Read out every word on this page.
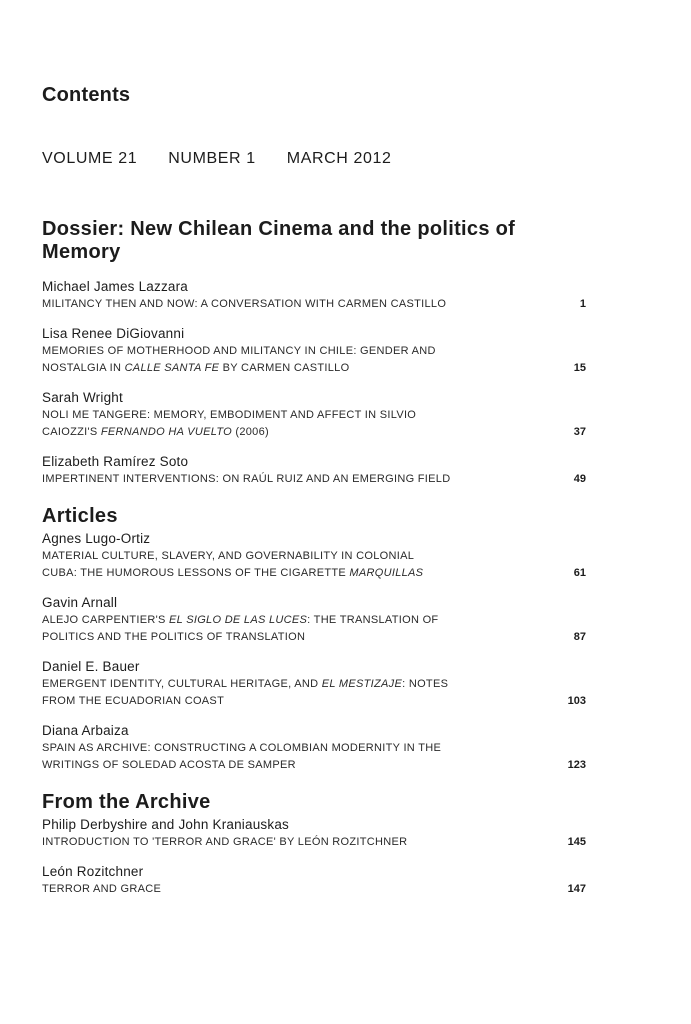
Contents
VOLUME 21 NUMBER 1 MARCH 2012
Dossier: New Chilean Cinema and the politics of Memory
Michael James Lazzara
MILITANCY THEN AND NOW: A CONVERSATION WITH CARMEN CASTILLO	1
Lisa Renee DiGiovanni
MEMORIES OF MOTHERHOOD AND MILITANCY IN CHILE: GENDER AND
NOSTALGIA IN CALLE SANTA FE BY CARMEN CASTILLO	15
Sarah Wright
NOLI ME TANGERE: MEMORY, EMBODIMENT AND AFFECT IN SILVIO
CAIOZZI'S FERNANDO HA VUELTO (2006)	37
Elizabeth Ramírez Soto
IMPERTINENT INTERVENTIONS: ON RAÚL RUIZ AND AN EMERGING FIELD	49
Articles
Agnes Lugo-Ortiz
MATERIAL CULTURE, SLAVERY, AND GOVERNABILITY IN COLONIAL
CUBA: THE HUMOROUS LESSONS OF THE CIGARETTE MARQUILLAS	61
Gavin Arnall
ALEJO CARPENTIER'S EL SIGLO DE LAS LUCES: THE TRANSLATION OF
POLITICS AND THE POLITICS OF TRANSLATION	87
Daniel E. Bauer
EMERGENT IDENTITY, CULTURAL HERITAGE, AND EL MESTIZAJE: NOTES
FROM THE ECUADORIAN COAST	103
Diana Arbaiza
SPAIN AS ARCHIVE: CONSTRUCTING A COLOMBIAN MODERNITY IN THE
WRITINGS OF SOLEDAD ACOSTA DE SAMPER	123
From the Archive
Philip Derbyshire and John Kraniauskas
INTRODUCTION TO 'TERROR AND GRACE' BY LEÓN ROZITCHNER	145
León Rozitchner
TERROR AND GRACE	147
